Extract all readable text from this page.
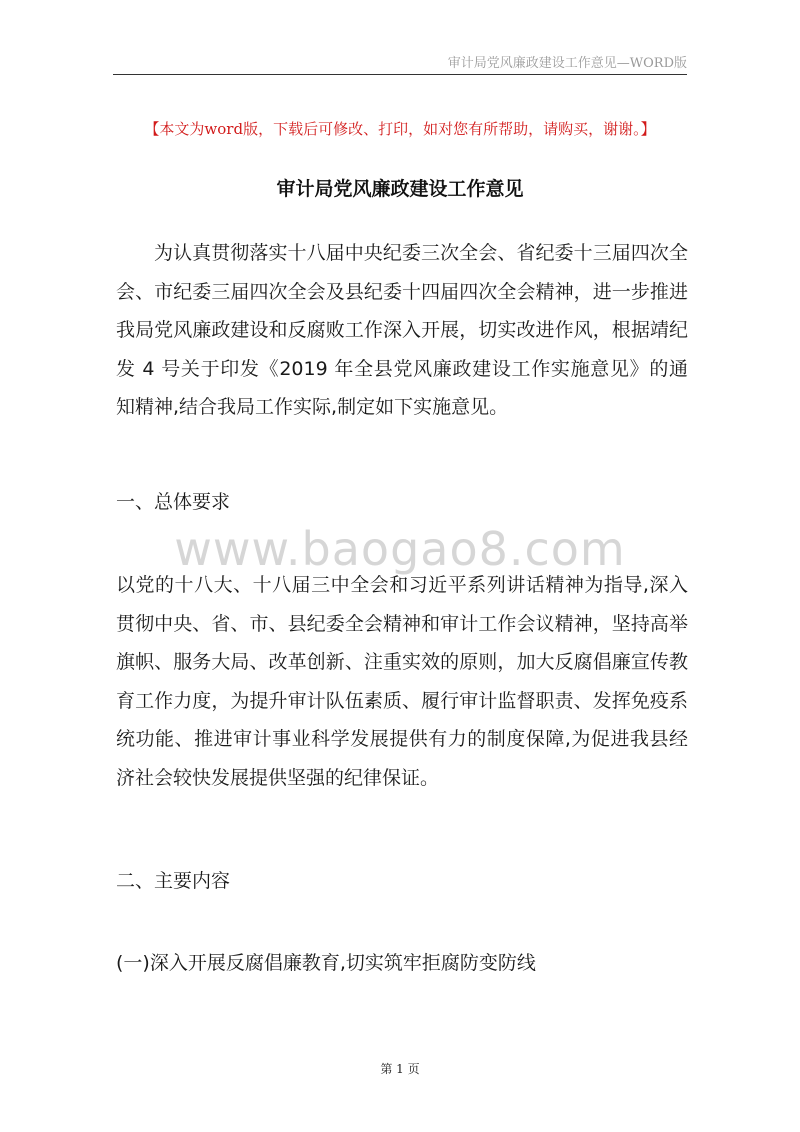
审计局党风廉政建设工作意见—WORD版
【本文为word版，下载后可修改、打印，如对您有所帮助，请购买，谢谢。】
审计局党风廉政建设工作意见

为认真贯彻落实十八届中央纪委三次全会、省纪委十三届四次全会、市纪委三届四次全会及县纪委十四届四次全会精神，进一步推进我局党风廉政建设和反腐败工作深入开展，切实改进作风，根据靖纪发 4 号关于印发《2019 年全县党风廉政建设工作实施意见》的通知精神,结合我局工作实际,制定如下实施意见。

一、总体要求

www.baogao8.com

以党的十八大、十八届三中全会和习近平系列讲话精神为指导,深入贯彻中央、省、市、县纪委全会精神和审计工作会议精神，坚持高举旗帜、服务大局、改革创新、注重实效的原则，加大反腐倡廉宣传教育工作力度，为提升审计队伍素质、履行审计监督职责、发挥免疫系统功能、推进审计事业科学发展提供有力的制度保障,为促进我县经济社会较快发展提供坚强的纪律保证。

二、主要内容

(一)深入开展反腐倡廉教育,切实筑牢拒腐防变防线

第 1 页
